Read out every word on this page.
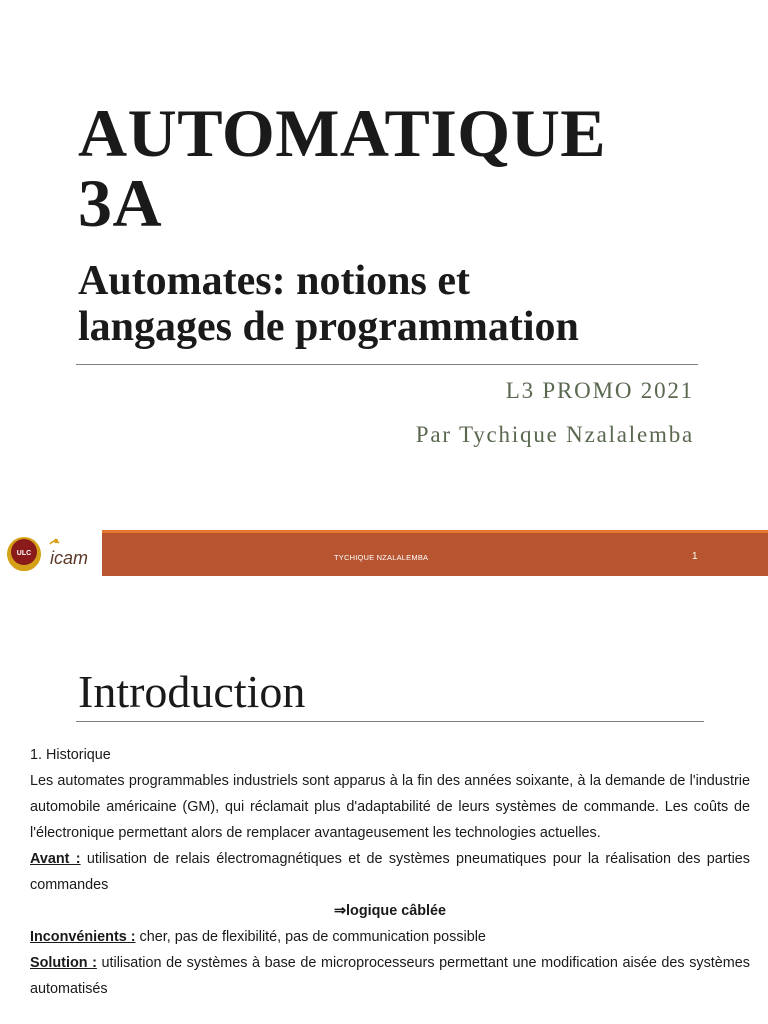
AUTOMATIQUE
3A
Automates: notions et
langages de programmation
L3 PROMO 2021
Par Tychique Nzalalemba
ULC icam	TYCHIQUE NZALALEMBA	1
Introduction
1. Historique
Les automates programmables industriels sont apparus à la fin des années soixante, à la demande de l'industrie automobile américaine (GM), qui réclamait plus d'adaptabilité de leurs systèmes de commande. Les coûts de l'électronique permettant alors de remplacer avantageusement les technologies actuelles.
Avant : utilisation de relais électromagnétiques et de systèmes pneumatiques pour la réalisation des parties commandes
⇒logique câblée
Inconvénients : cher, pas de flexibilité, pas de communication possible
Solution : utilisation de systèmes à base de microprocesseurs permettant une modification aisée des systèmes automatisés
